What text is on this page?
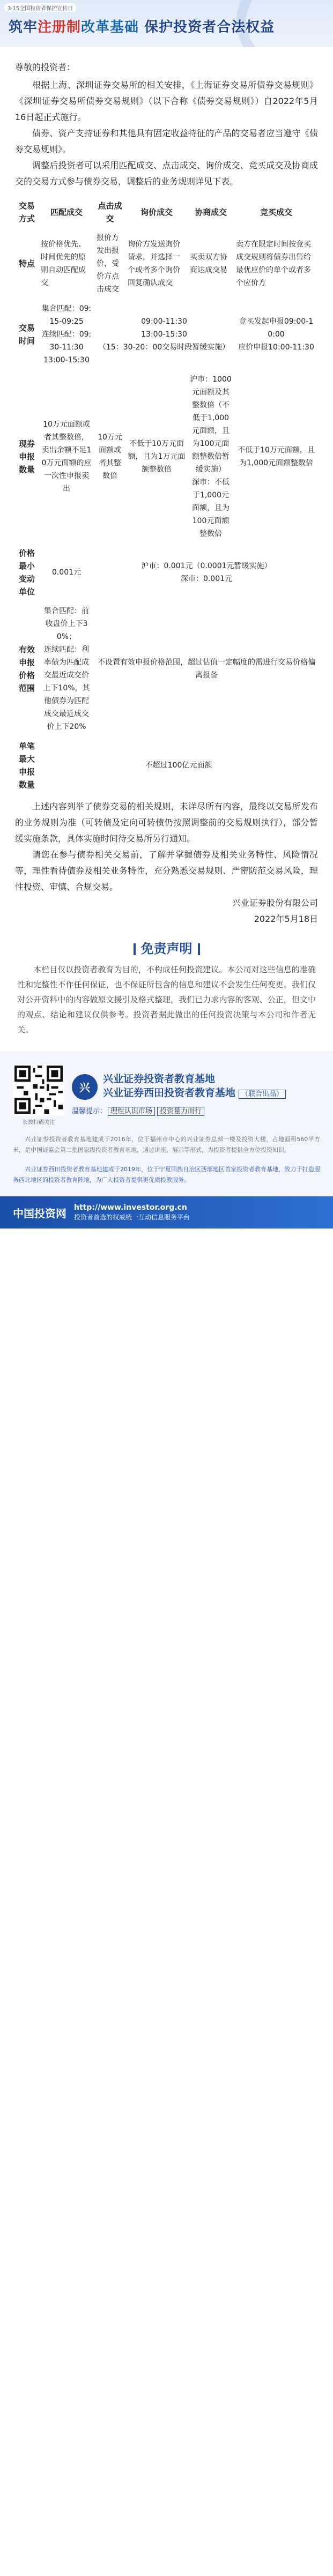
3·15全国投资者保护宣传日
筑牢注册制改革基础 保护投资者合法权益

尊敬的投资者：

根据上海、深圳证券交易所的相关安排，《上海证券交易所债券交易规则》《深圳证券交易所债券交易规则》（以下合称《债券交易规则》）自2022年5月16日起正式施行。

债券、资产支持证券和其他具有固定收益特征的产品的交易者应当遵守《债券交易规则》。

调整后投资者可以采用匹配成交、点击成交、询价成交、竞买成交及协商成交的交易方式参与债券交易，调整后的业务规则详见下表。

交易方式	匹配成交	点击成交	询价成交	协商成交	竞买成交
特点	按价格优先、时间优先的原则自动匹配成交	报价方发出报价，受价方点击成交	询价方发送询价请求，并选择一个或者多个询价回复确认成交	买卖双方协商达成交易	卖方在限定时间按竞买成交规则将债券出售给最优应价的单个或者多个应价方
交易时间	集合匹配：09:15-09:25
连续匹配：09:30-11:30
13:00-15:30	09:00-11:30
13:00-15:30
（15：30-20：00交易时段暂缓实施）			竞买发起申报09:00-10:00
应价申报10:00-11:30
现券申报数量	10万元面额或者其整数倍，卖出余额不足10万元面额的应一次性申报卖出	10万元面额或者其整数倍	不低于10万元面额，且为1万元面额整数倍	沪市：1000元面额及其整数倍（不低于1,000元面额，且为100元面额整数倍暂缓实施）
深市：不低于1,000元面额，且为100元面额整数倍	不低于10万元面额，且为1,000元面额整数倍
价格最小变动单位	0.001元	沪市：0.001元（0.0001元暂缓实施）
深市：0.001元			
有效申报价格范围	集合匹配：前收盘价上下30%；
连续匹配：利率债为匹配成交最近成交价上下10%，其他债券为匹配成交最近成交价上下20%	不设置有效申报价格范围，超过估值一定幅度的需进行交易价格偏离报备			
单笔最大申报数量	不超过100亿元面额				

上述内容列举了债券交易的相关规则，未详尽所有内容，最终以交易所发布的业务规则为准（可转债及定向可转债仍按照调整前的交易规则执行），部分暂缓实施条款，具体实施时间待交易所另行通知。

请您在参与债券相关交易前，了解并掌握债券及相关业务特性、风险情况等，理性看待债券及相关业务特性，充分熟悉交易规则、严密防范交易风险，理性投资、审慎、合规交易。

兴业证券股份有限公司

2022年5月18日

免责声明

本栏目仅以投资者教育为目的，不构成任何投资建议。本公司对这些信息的准确性和完整性不作任何保证，也不保证所包含的信息和建议不会发生任何变更。我们仅对公开资料中的内容做原文援引及格式整理，我们已力求内容的客观、公正，但文中的观点、结论和建议仅供参考。投资者据此做出的任何投资决策与本公司和作者无关。

长按扫码关注
兴
兴业证券投资者教育基地
兴业证券西田投资者教育基地 （联合出品）
温馨提示： 理性认识市场 投资量力而行

兴业证券投资者教育基地建成于2016年，位于福州市中心的兴业证券总部一楼及投资大楼，占地面积560平方米，是中国证监会第二批国家级投资者教育基地，通过讲座、展示等形式，为投资者提供全方位投资知识。

兴业证券西田投资者教育基地建成于2019年，位于宁夏回族自治区西部地区首家投资者教育基地，致力于打造服务西北地区的投资者教育阵地，为广大投资者提供更优质投教服务。

中国投资网 http://www.investor.org.cn
投资者首选的权威统一互动信息服务平台
